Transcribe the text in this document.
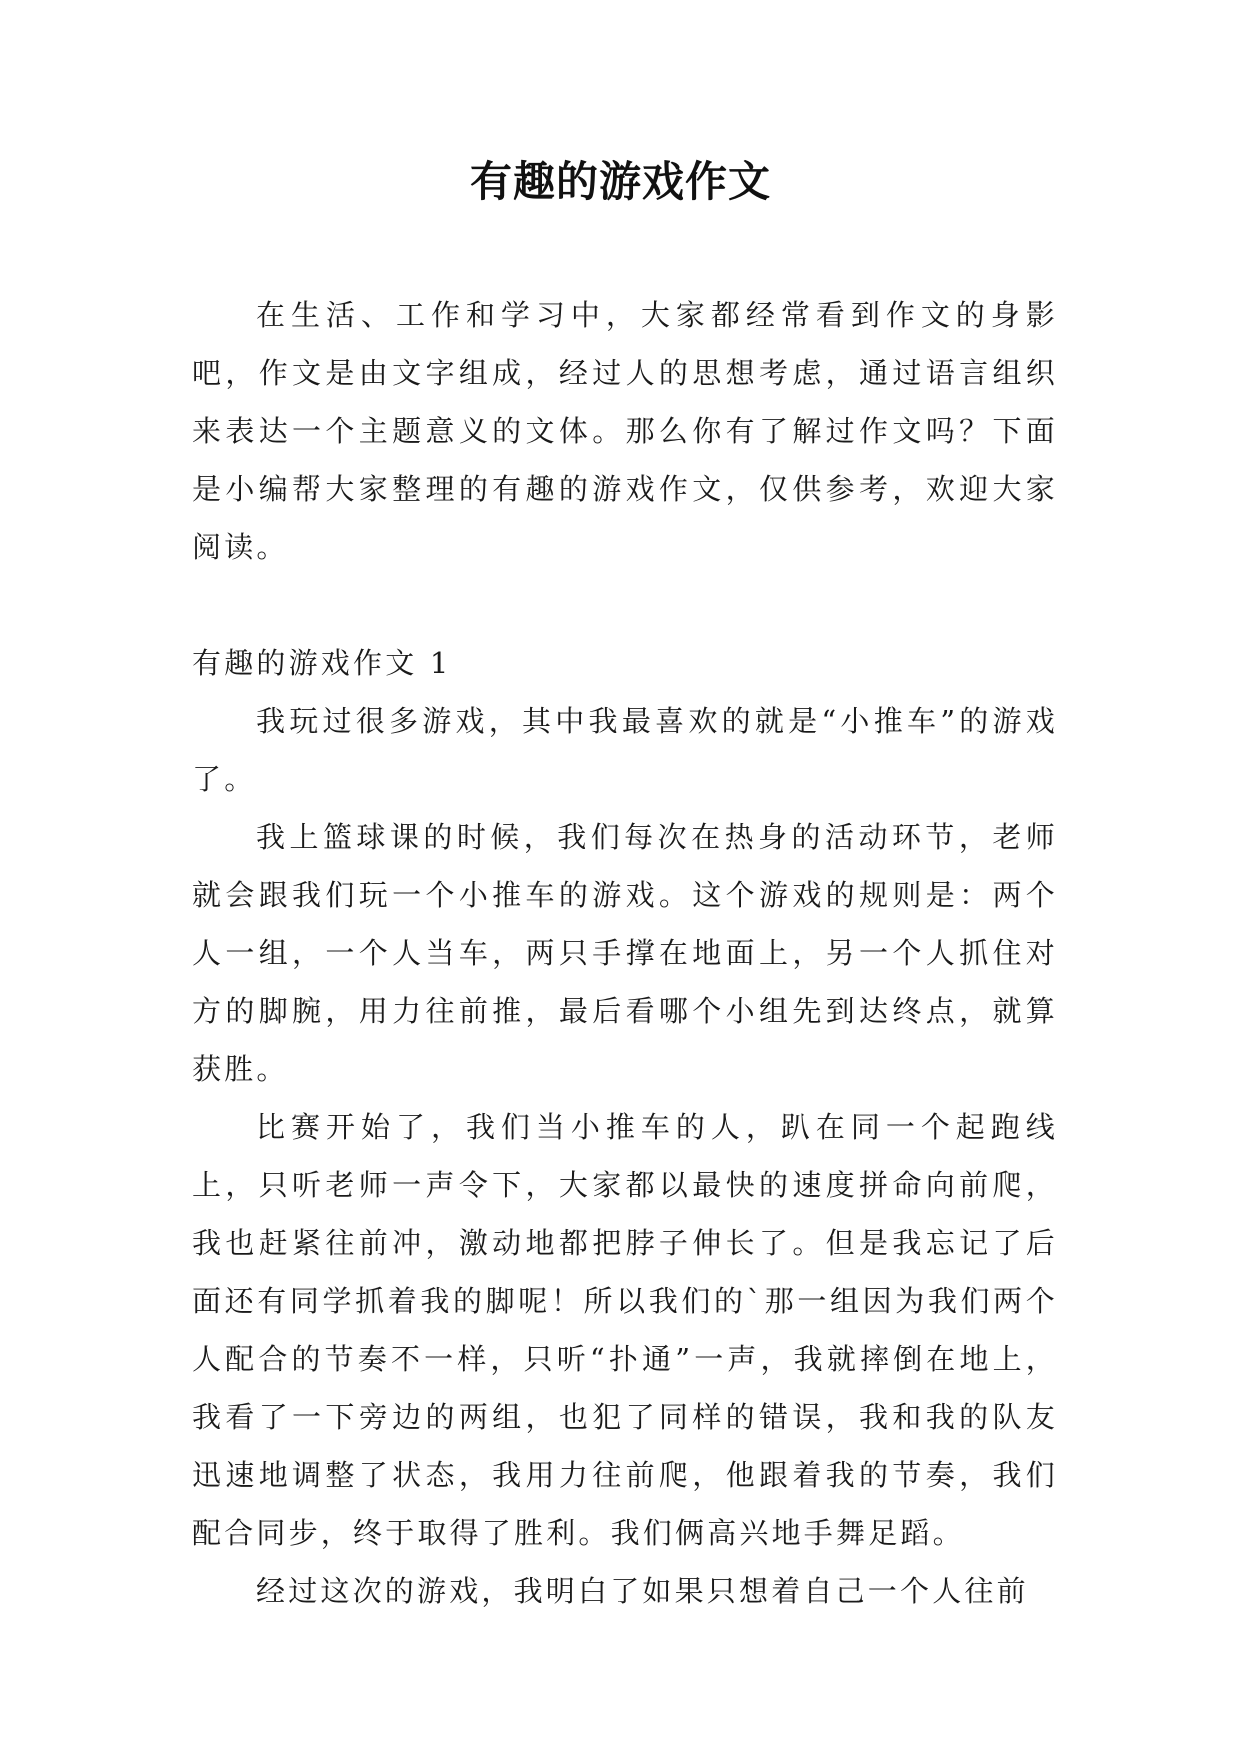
有趣的游戏作文

在生活、工作和学习中，大家都经常看到作文的身影吧，作文是由文字组成，经过人的思想考虑，通过语言组织来表达一个主题意义的文体。那么你有了解过作文吗？下面是小编帮大家整理的有趣的游戏作文，仅供参考，欢迎大家阅读。

有趣的游戏作文 1

我玩过很多游戏，其中我最喜欢的就是“小推车”的游戏了。

我上篮球课的时候，我们每次在热身的活动环节，老师就会跟我们玩一个小推车的游戏。这个游戏的规则是：两个人一组，一个人当车，两只手撑在地面上，另一个人抓住对方的脚腕，用力往前推，最后看哪个小组先到达终点，就算获胜。

比赛开始了，我们当小推车的人，趴在同一个起跑线上，只听老师一声令下，大家都以最快的速度拼命向前爬，我也赶紧往前冲，激动地都把脖子伸长了。但是我忘记了后面还有同学抓着我的脚呢！所以我们的`那一组因为我们两个人配合的节奏不一样，只听“扑通”一声，我就摔倒在地上，我看了一下旁边的两组，也犯了同样的错误，我和我的队友迅速地调整了状态，我用力往前爬，他跟着我的节奏，我们配合同步，终于取得了胜利。我们俩高兴地手舞足蹈。

经过这次的游戏，我明白了如果只想着自己一个人往前
